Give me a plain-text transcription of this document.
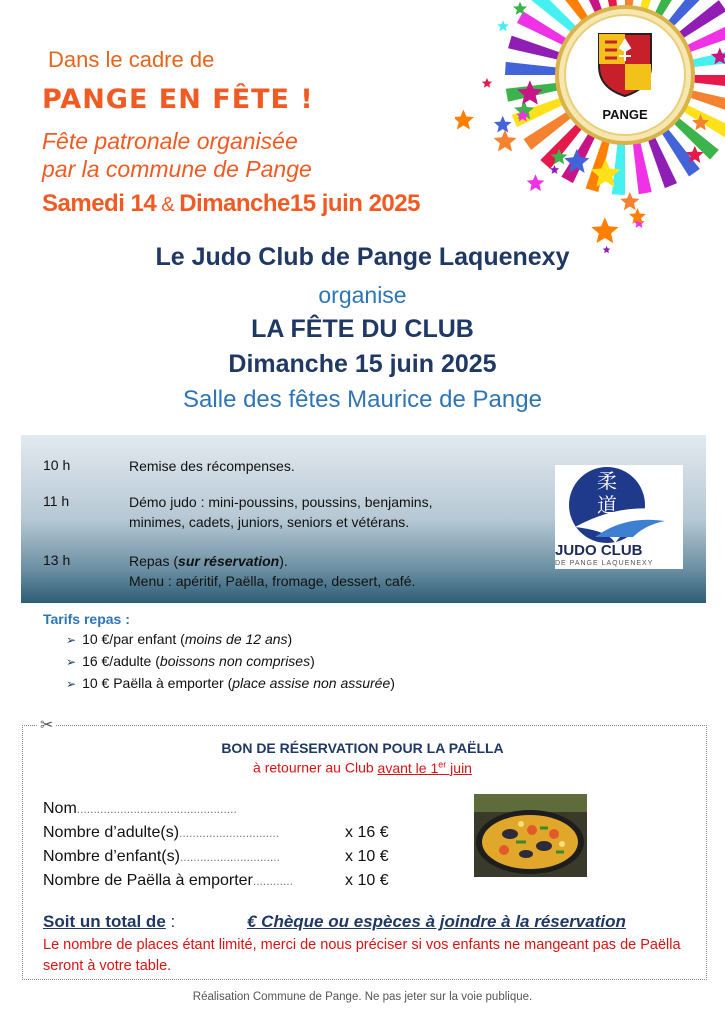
PANGE
Dans le cadre de
PANGE EN FÊTE !
Fête patronale organisée
par la commune de Pange
Samedi 14 & Dimanche15 juin 2025
Le Judo Club de Pange Laquenexy
organise
LA FÊTE DU CLUB
Dimanche 15 juin 2025
Salle des fêtes Maurice de Pange
10 h	Remise des récompenses.
11 h	Démo judo : mini-poussins, poussins, benjamins,
minimes, cadets, juniors, seniors et vétérans.
13 h	Repas (sur réservation).
Menu : apéritif, Paëlla, fromage, dessert, café.
柔道
JUDO CLUB
DE PANGE LAQUENEXY
Tarifs repas :
➢ 10 €/par enfant (moins de 12 ans)
➢ 16 €/adulte (boissons non comprises)
➢ 10 € Paëlla à emporter (place assise non assurée)
✂
BON DE RÉSERVATION POUR LA PAËLLA
à retourner au Club avant le 1er juin
Nom................................................
Nombre d’adulte(s)..............................	x 16 €
Nombre d’enfant(s)..............................	x 10 €
Nombre de Paëlla à emporter............	x 10 €
Soit un total de :	€ Chèque ou espèces à joindre à la réservation
Le nombre de places étant limité, merci de nous préciser si vos enfants ne mangeant pas de Paëlla seront à votre table.
Réalisation Commune de Pange. Ne pas jeter sur la voie publique.
